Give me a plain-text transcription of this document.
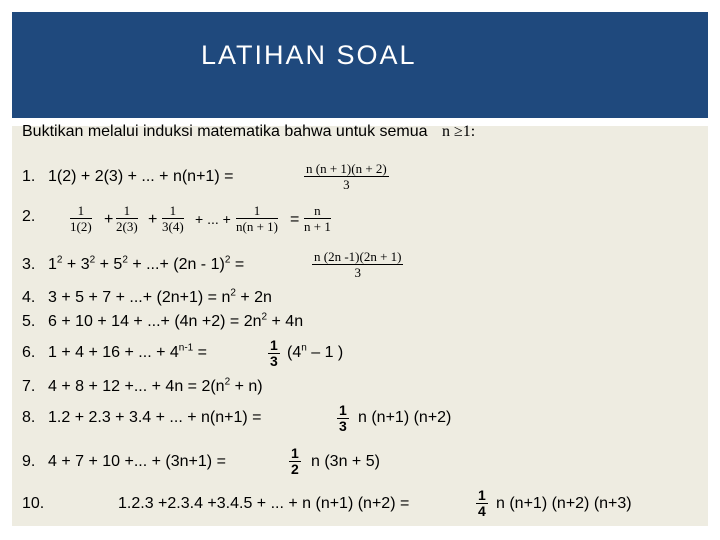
LATIHAN SOAL
Buktikan melalui induksi matematika bahwa untuk semua n ≥1:
1. 1(2) + 2(3) + ... + n(n+1) =	$\frac{n (n + 1)(n + 2)}{3}$
2.	$\frac{1}{1(2)} + \frac{1}{2(3)} + \frac{1}{3(4)}$ + ... + $\frac{1}{n(n + 1)} = \frac{n}{n + 1}$
3. $1^2 + 3^2 + 5^2$ + ...+ (2n - 1)$^2$ =	$\frac{n (2n -1)(2n + 1)}{3}$
4. 3 + 5 + 7 + ...+ $(2n+1) = n^2 + 2n$
5. 6 + 10 + 14 + ...+ $(4n +2) = 2n^2 + 4n$
6. 1 + 4 + 16 + ... + $4^{n-1}$ =	1
3 (4$^n$ – 1 )
7. 4 + 8 + 12 +... + $4n = 2(n^2 + n)$
8. 1.2 + 2.3 + 3.4 + ... + n(n+1) =	1
3 n (n+1) (n+2)
9. 4 + 7 + 10 +... + (3n+1) =	1
2 n (3n + 5)
10.	1.2.3 +2.3.4 +3.4.5 + ... + n (n+1) (n+2) =	1
4 n (n+1) (n+2) (n+3)
